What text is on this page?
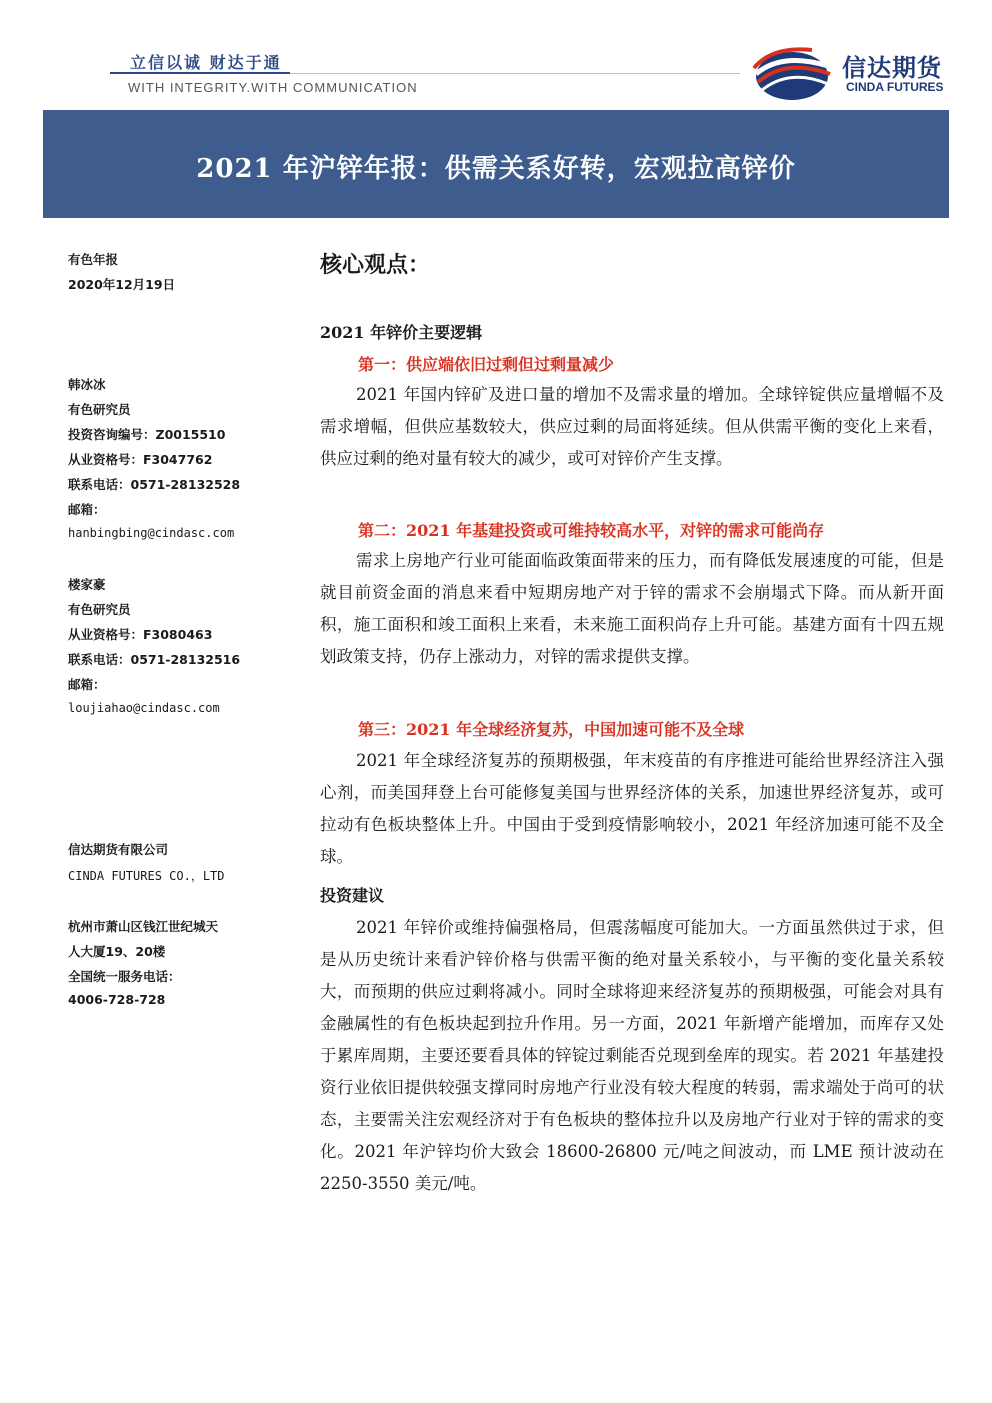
立信以诚 财达于通
WITH INTEGRITY.WITH COMMUNICATION
信达期货
CINDA FUTURES
2021 年沪锌年报：供需关系好转，宏观拉高锌价
有色年报
2020年12月19日
韩冰冰
有色研究员
投资咨询编号：Z0015510
从业资格号：F3047762
联系电话：0571-28132528
邮箱：
hanbingbing@cindasc.com
楼家豪
有色研究员
从业资格号：F3080463
联系电话：0571-28132516
邮箱：
loujiahao@cindasc.com
信达期货有限公司
CINDA FUTURES CO.，LTD
杭州市萧山区钱江世纪城天
人大厦19、20楼
全国统一服务电话：
4006-728-728
核心观点：
2021 年锌价主要逻辑
第一：供应端依旧过剩但过剩量减少
2021 年国内锌矿及进口量的增加不及需求量的增加。全球锌锭供应量增幅不及需求增幅，但供应基数较大，供应过剩的局面将延续。但从供需平衡的变化上来看，供应过剩的绝对量有较大的减少，或可对锌价产生支撑。
第二：2021 年基建投资或可维持较高水平，对锌的需求可能尚存
需求上房地产行业可能面临政策面带来的压力，而有降低发展速度的可能，但是就目前资金面的消息来看中短期房地产对于锌的需求不会崩塌式下降。而从新开面积，施工面积和竣工面积上来看，未来施工面积尚存上升可能。基建方面有十四五规划政策支持，仍存上涨动力，对锌的需求提供支撑。
第三：2021 年全球经济复苏，中国加速可能不及全球
2021 年全球经济复苏的预期极强，年末疫苗的有序推进可能给世界经济注入强心剂，而美国拜登上台可能修复美国与世界经济体的关系，加速世界经济复苏，或可拉动有色板块整体上升。中国由于受到疫情影响较小，2021 年经济加速可能不及全球。
投资建议
2021 年锌价或维持偏强格局，但震荡幅度可能加大。一方面虽然供过于求，但是从历史统计来看沪锌价格与供需平衡的绝对量关系较小，与平衡的变化量关系较大，而预期的供应过剩将减小。同时全球将迎来经济复苏的预期极强，可能会对具有金融属性的有色板块起到拉升作用。另一方面，2021 年新增产能增加，而库存又处于累库周期，主要还要看具体的锌锭过剩能否兑现到垒库的现实。若 2021 年基建投资行业依旧提供较强支撑同时房地产行业没有较大程度的转弱，需求端处于尚可的状态，主要需关注宏观经济对于有色板块的整体拉升以及房地产行业对于锌的需求的变化。2021 年沪锌均价大致会 18600-26800 元/吨之间波动，而 LME 预计波动在 2250-3550 美元/吨。
